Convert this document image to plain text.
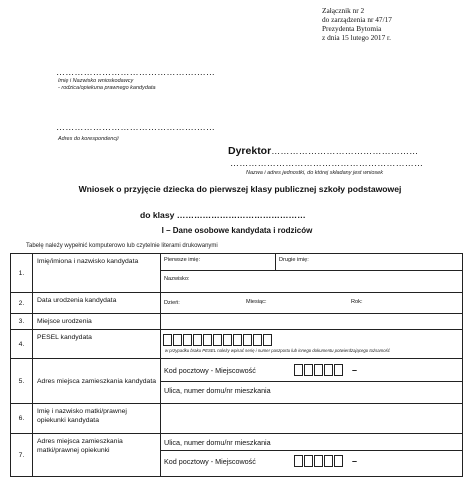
Załącznik nr 2
do zarządzenia nr 47/17
Prezydenta Bytomia
z dnia 15 lutego 2017 r.
……………………………………….……
Imię i Nazwisko wnioskodawcy
- rodzica/opiekuna prawnego kandydata
……………………………………….……
Adres do korespondencji
Dyrektor…………………………………………
………………………………………………………
Nazwa i adres jednostki, do której składany jest wniosek
Wniosek o przyjęcie dziecka do pierwszej klasy publicznej szkoły podstawowej
do klasy ………………………………………
I – Dane osobowe kandydata i rodziców
Tabelę należy wypełnić komputerowo lub czytelnie literami drukowanymi
1.	Imię/imiona i nazwisko kandydata	Pierwsze imię: Drugie imię:

		Nazwisko:
2.	Data urodzenia kandydata	Dzień: Miesiąc: Rok:

3.	Miejsce urodzenia	
4.	PESEL kandydata	w przypadku braku PESEL należy wpisać serię i numer paszportu lub innego dokumentu potwierdzającego tożsamość

5.	Adres miejsca zamieszkania kandydata	Kod pocztowy - Miejscowość –
Ulica, numer domu/nr mieszkania

6.	Imię i nazwisko matki/prawnej opiekunki kandydata	
7.	Adres miejsca zamieszkania matki/prawnej opiekunki	Ulica, numer domu/nr mieszkania
Kod pocztowy - Miejscowość –
